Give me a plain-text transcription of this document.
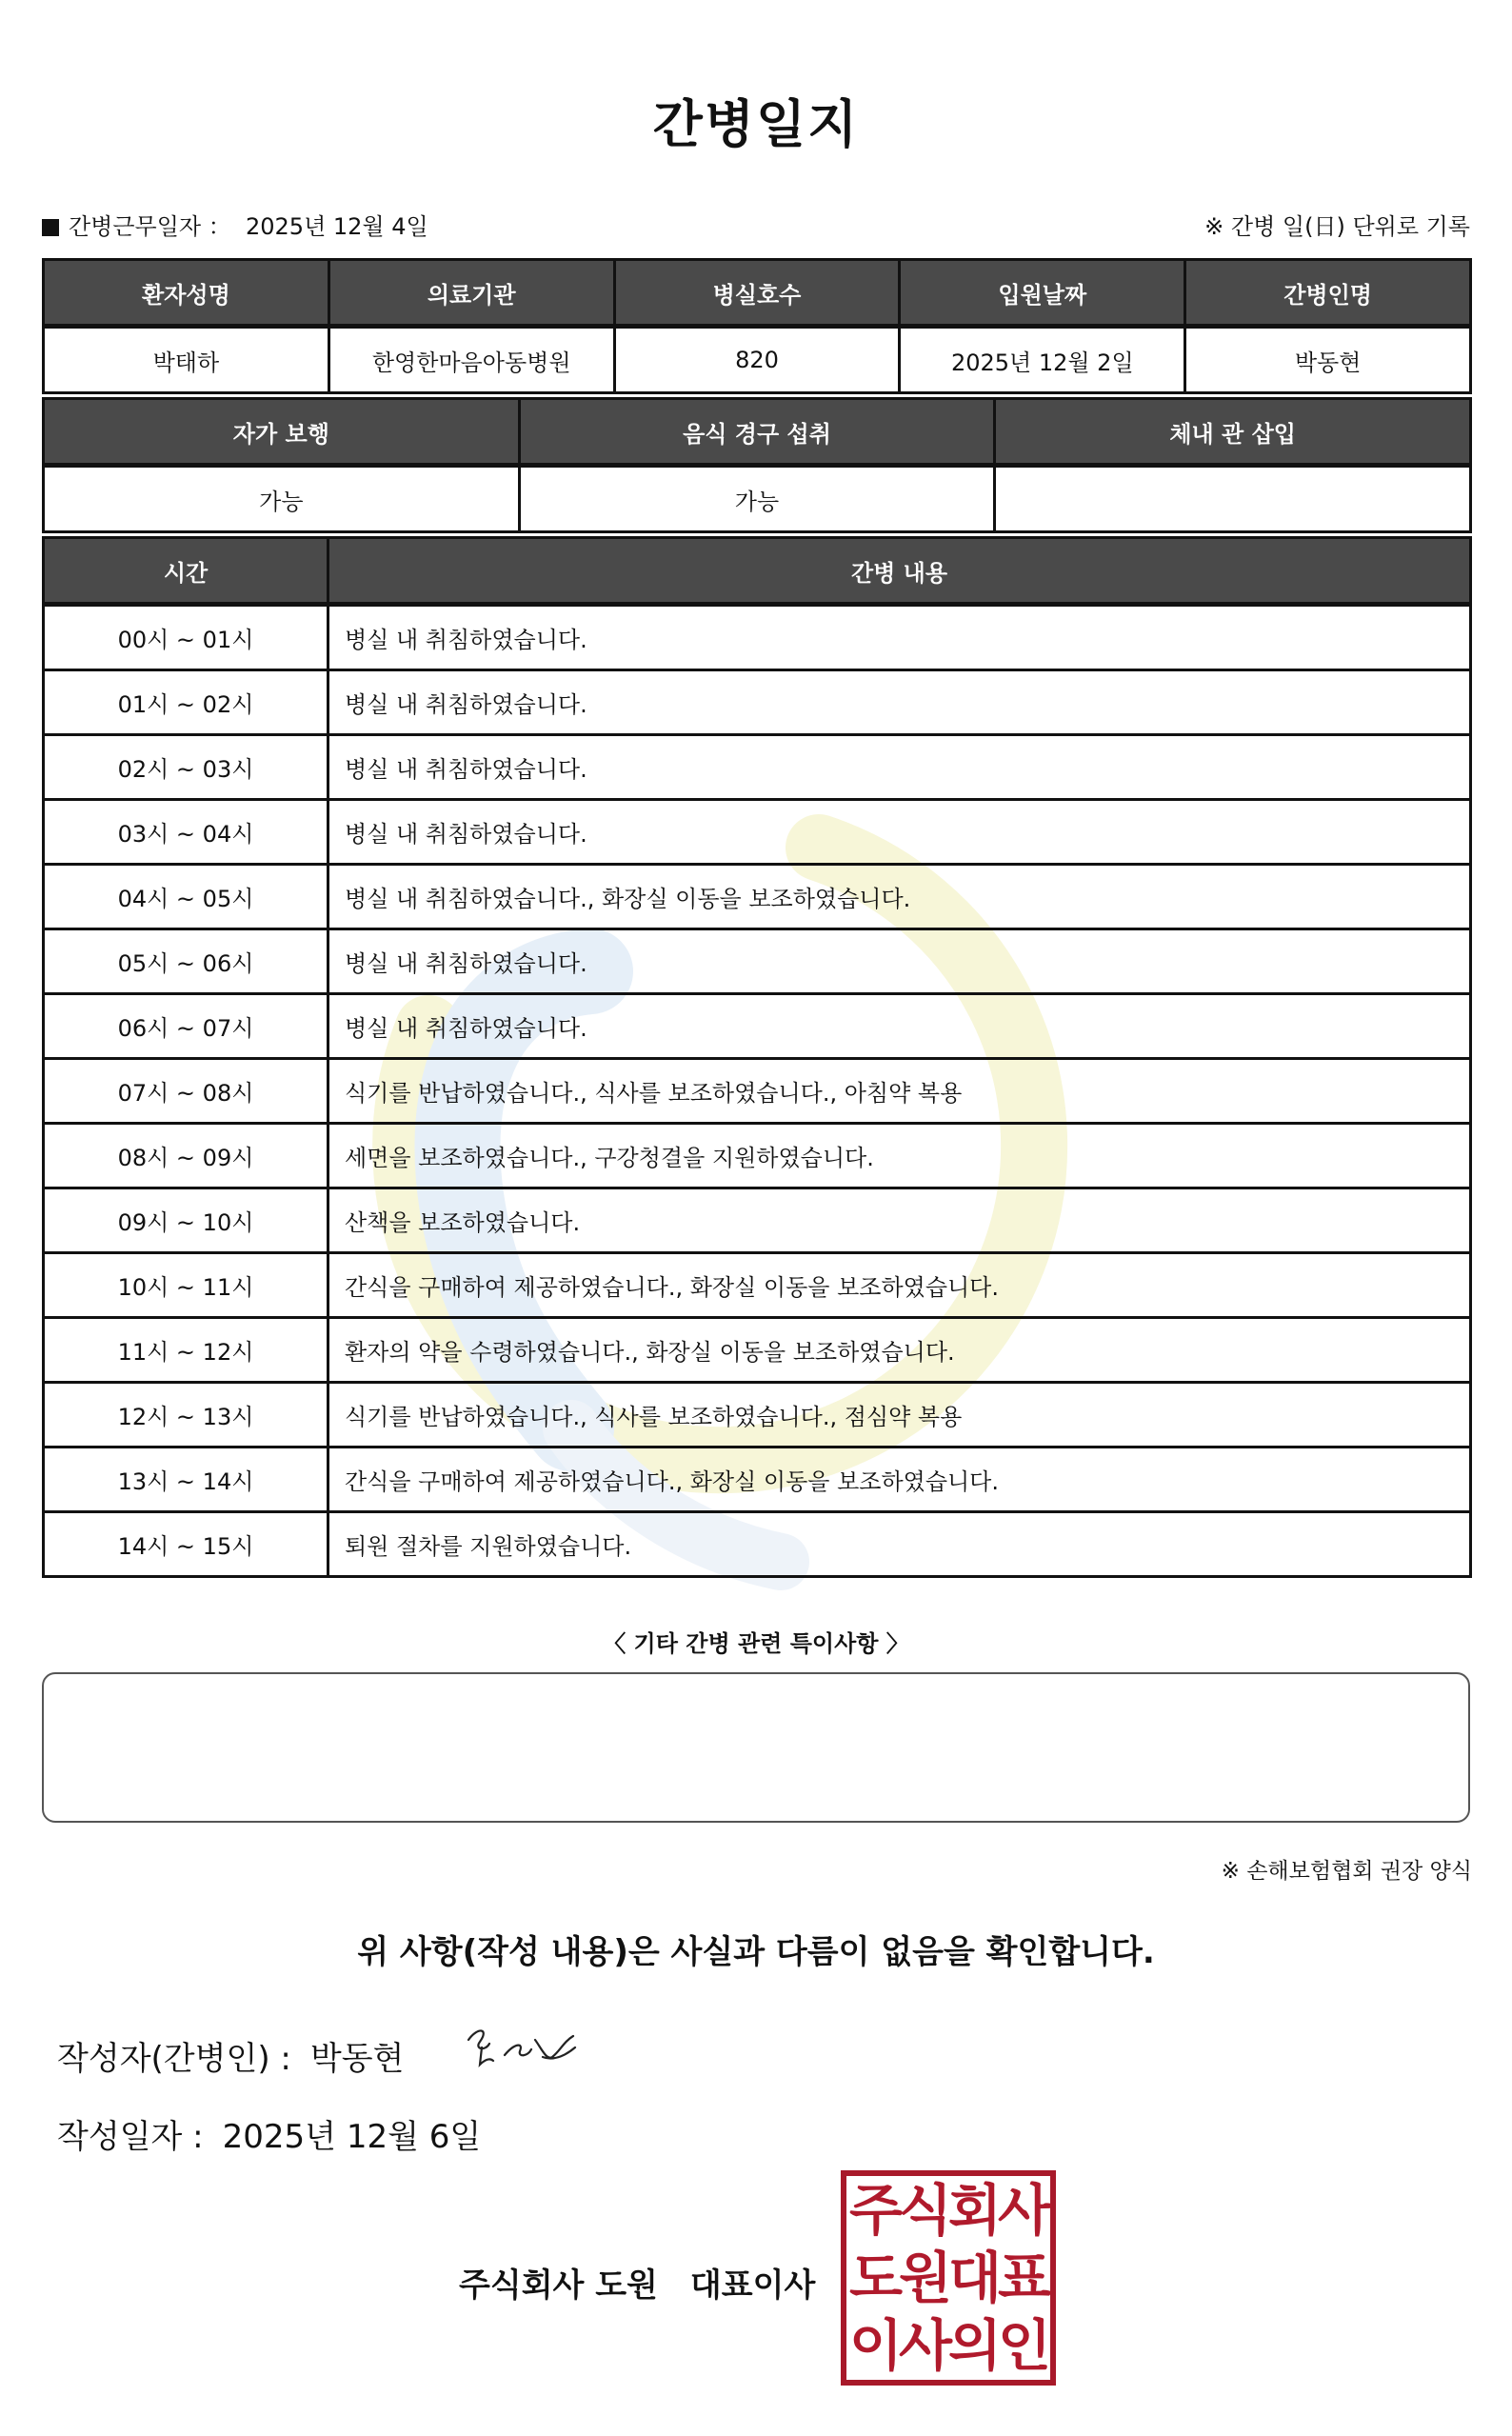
간병일지
간병근무일자 ： 2025년 12월 4일	※ 간병 일(日) 단위로 기록
환자성명	의료기관	병실호수	입원날짜	간병인명
박태하	한영한마음아동병원	820	2025년 12월 2일	박동현
자가 보행	음식 경구 섭취	체내 관 삽입
가능	가능	
시간	간병 내용
00시 ~ 01시	병실 내 취침하였습니다.
01시 ~ 02시	병실 내 취침하였습니다.
02시 ~ 03시	병실 내 취침하였습니다.
03시 ~ 04시	병실 내 취침하였습니다.
04시 ~ 05시	병실 내 취침하였습니다., 화장실 이동을 보조하였습니다.
05시 ~ 06시	병실 내 취침하였습니다.
06시 ~ 07시	병실 내 취침하였습니다.
07시 ~ 08시	식기를 반납하였습니다., 식사를 보조하였습니다., 아침약 복용
08시 ~ 09시	세면을 보조하였습니다., 구강청결을 지원하였습니다.
09시 ~ 10시	산책을 보조하였습니다.
10시 ~ 11시	간식을 구매하여 제공하였습니다., 화장실 이동을 보조하였습니다.
11시 ~ 12시	환자의 약을 수령하였습니다., 화장실 이동을 보조하였습니다.
12시 ~ 13시	식기를 반납하였습니다., 식사를 보조하였습니다., 점심약 복용
13시 ~ 14시	간식을 구매하여 제공하였습니다., 화장실 이동을 보조하였습니다.
14시 ~ 15시	퇴원 절차를 지원하였습니다.
〈 기타 간병 관련 특이사항 〉
※ 손해보험협회 권장 양식
위 사항(작성 내용)은 사실과 다름이 없음을 확인합니다.
작성자(간병인) : 박동현
작성일자 : 2025년 12월 6일
주식회사 도원 대표이사
주식회사
도원대표
이사의인
